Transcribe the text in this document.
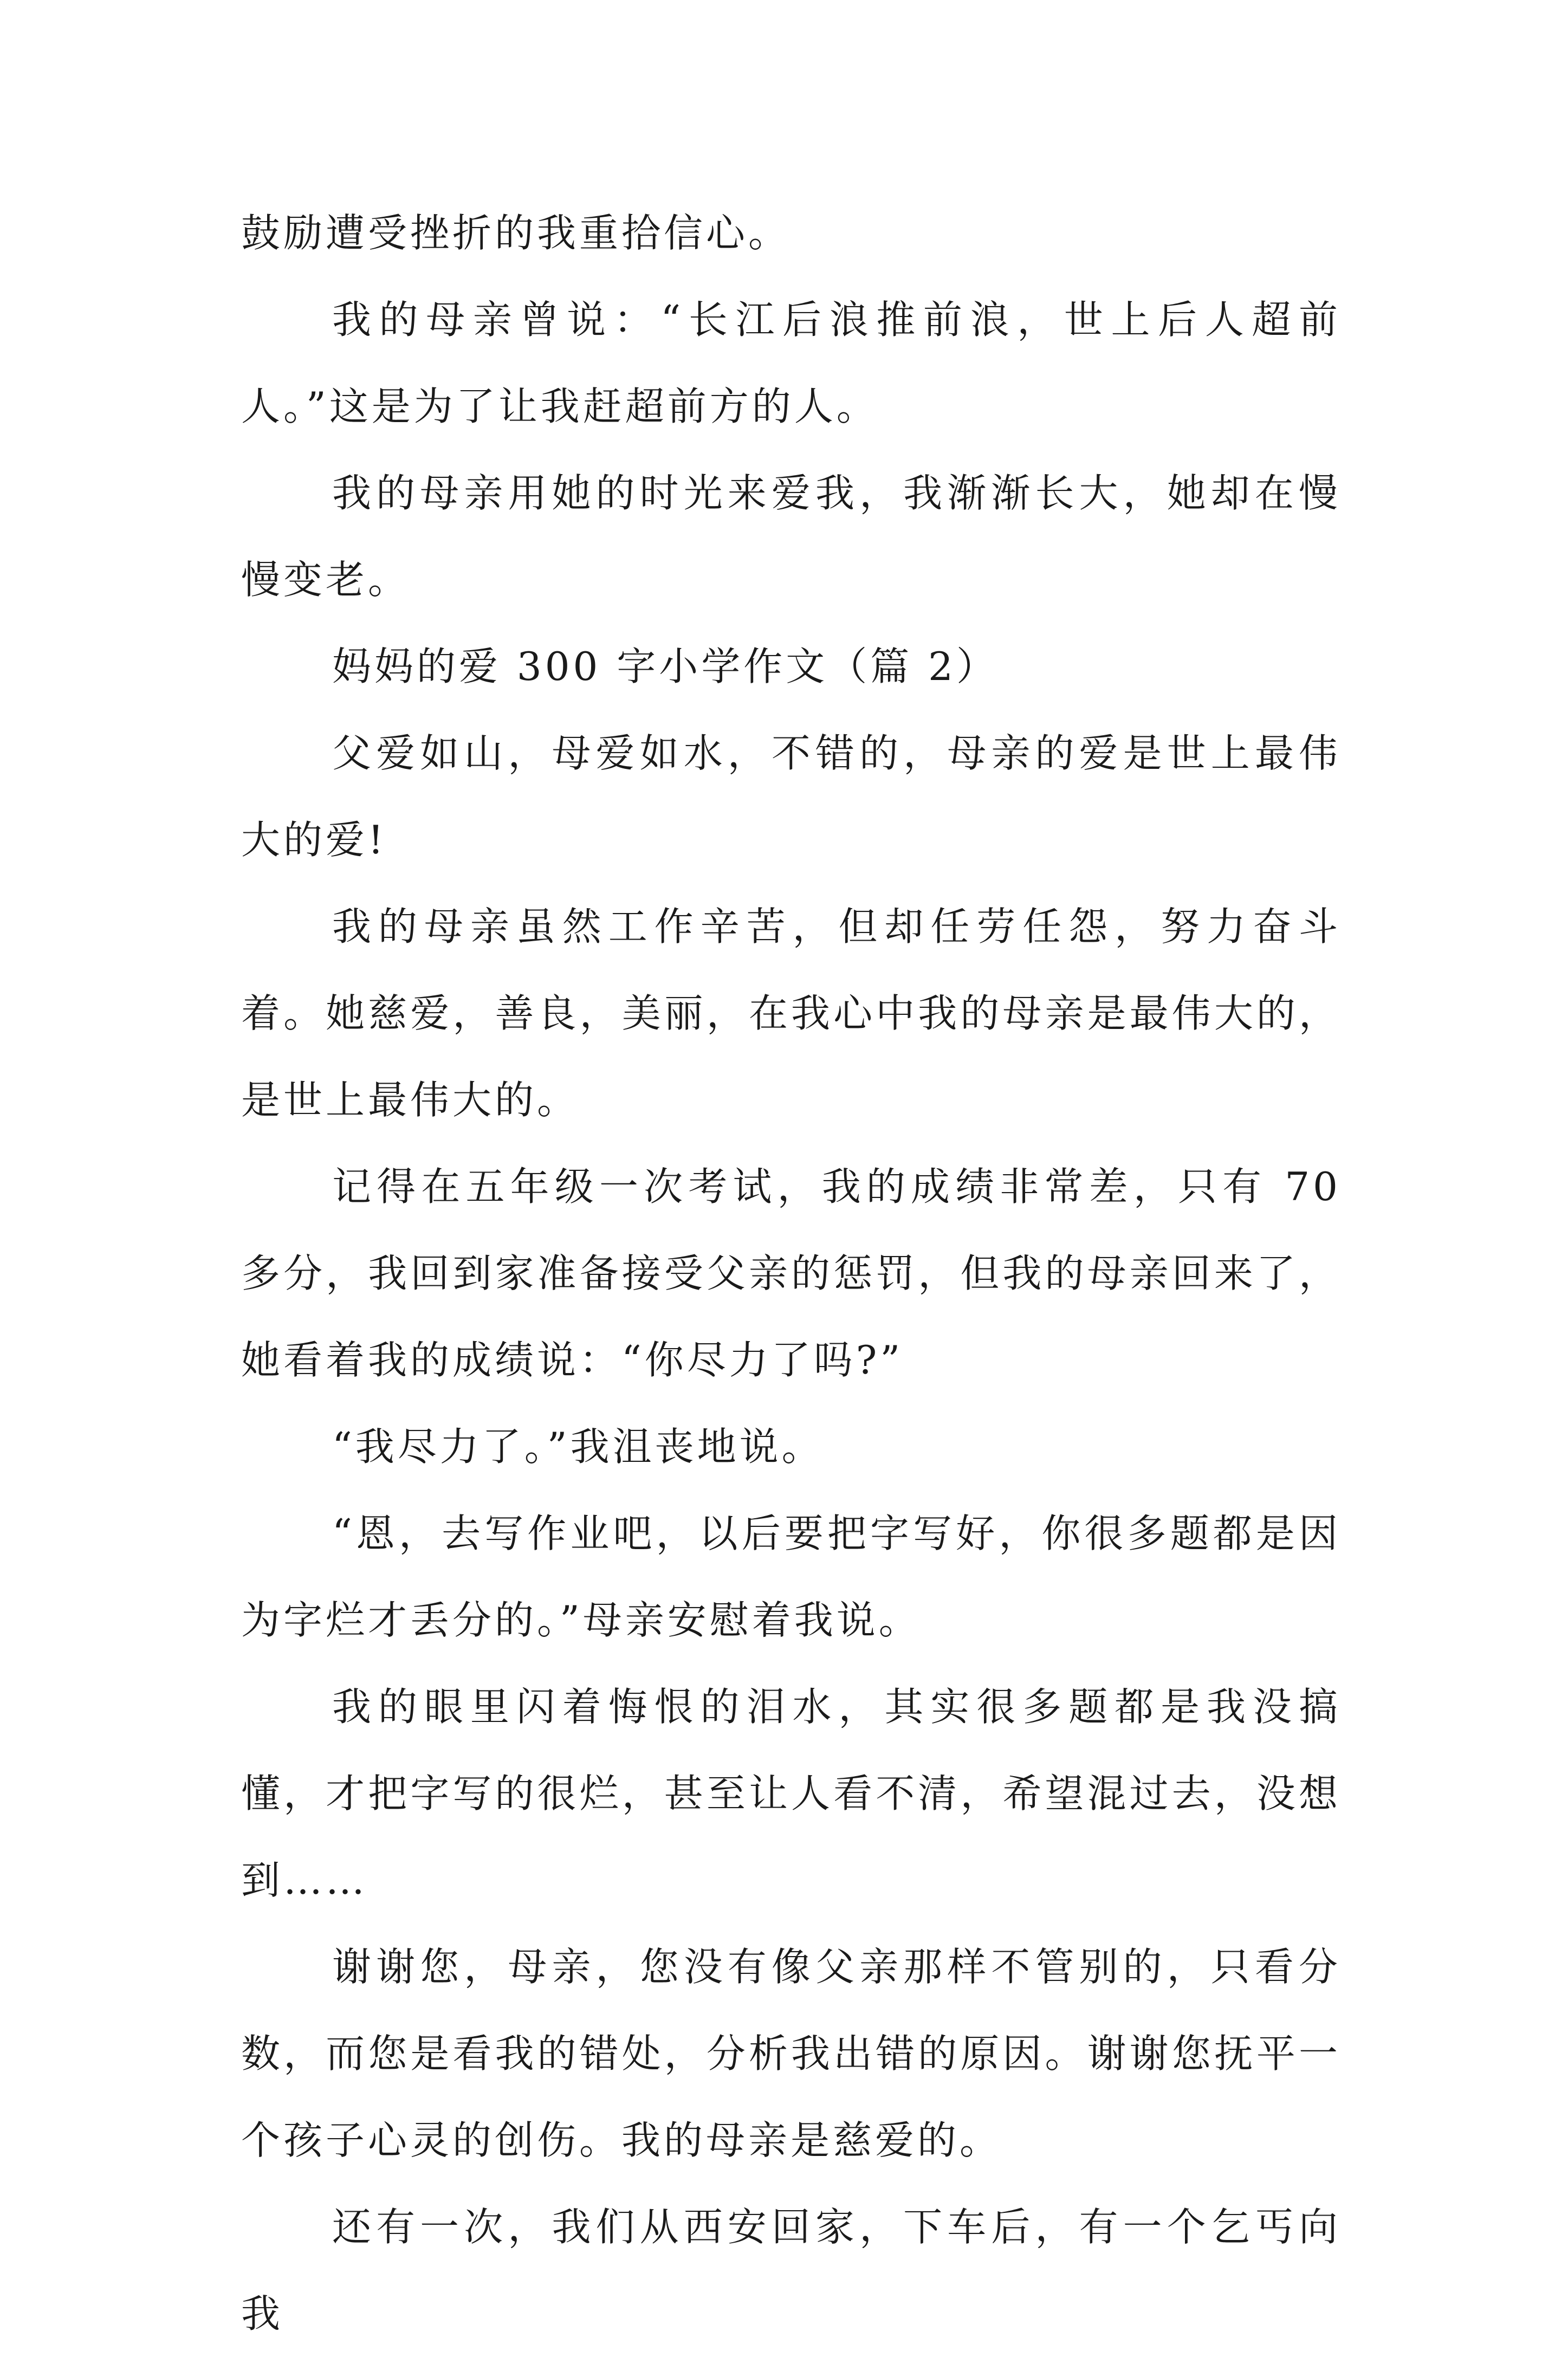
鼓励遭受挫折的我重拾信心。

我的母亲曾说：“长江后浪推前浪，世上后人超前人。”这是为了让我赶超前方的人。

我的母亲用她的时光来爱我，我渐渐长大，她却在慢慢变老。

妈妈的爱 300 字小学作文（篇 2）

父爱如山，母爱如水，不错的，母亲的爱是世上最伟大的爱!

我的母亲虽然工作辛苦，但却任劳任怨，努力奋斗着。她慈爱，善良，美丽，在我心中我的母亲是最伟大的，是世上最伟大的。

记得在五年级一次考试，我的成绩非常差，只有 70 多分，我回到家准备接受父亲的惩罚，但我的母亲回来了，她看着我的成绩说：“你尽力了吗?”

“我尽力了。”我沮丧地说。

“恩，去写作业吧，以后要把字写好，你很多题都是因为字烂才丢分的。”母亲安慰着我说。

我的眼里闪着悔恨的泪水，其实很多题都是我没搞懂，才把字写的很烂，甚至让人看不清，希望混过去，没想到……

谢谢您，母亲，您没有像父亲那样不管别的，只看分数，而您是看我的错处，分析我出错的原因。谢谢您抚平一个孩子心灵的创伤。我的母亲是慈爱的。

还有一次，我们从西安回家，下车后，有一个乞丐向我
